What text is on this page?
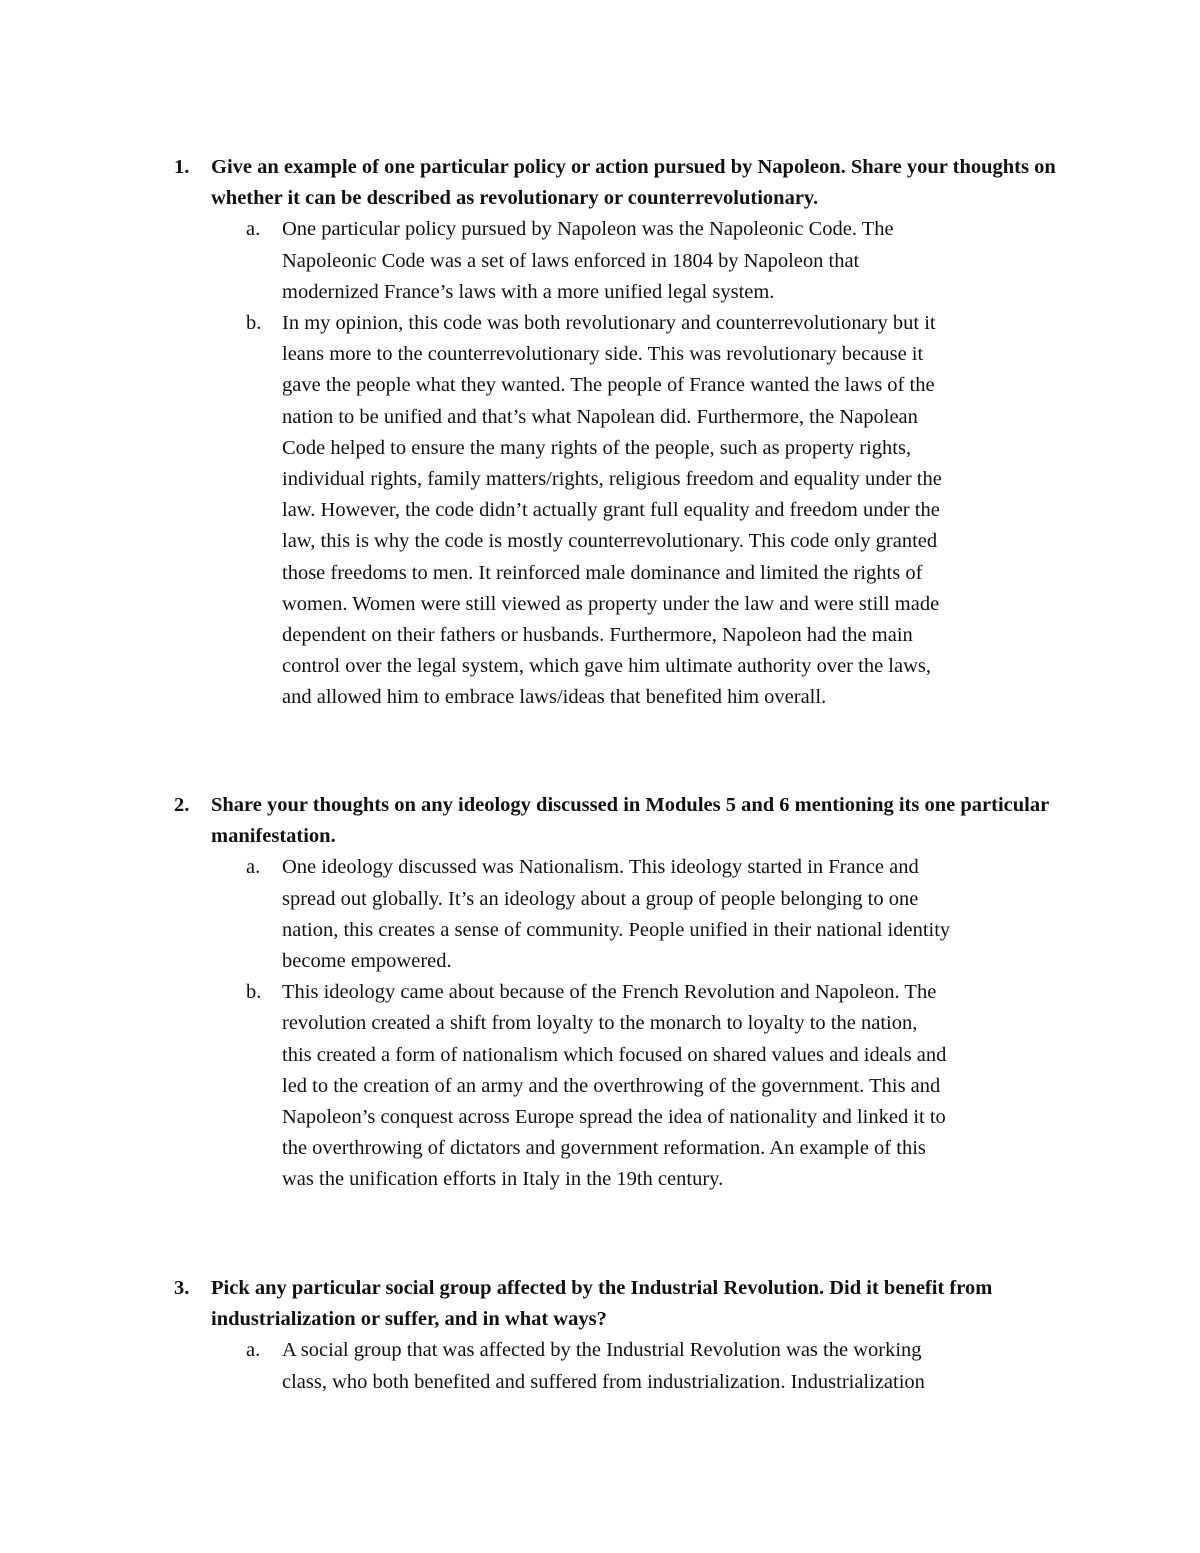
1. Give an example of one particular policy or action pursued by Napoleon. Share your thoughts on whether it can be described as revolutionary or counterrevolutionary.
a. One particular policy pursued by Napoleon was the Napoleonic Code. The Napoleonic Code was a set of laws enforced in 1804 by Napoleon that modernized France’s laws with a more unified legal system.
b. In my opinion, this code was both revolutionary and counterrevolutionary but it leans more to the counterrevolutionary side. This was revolutionary because it gave the people what they wanted. The people of France wanted the laws of the nation to be unified and that’s what Napolean did. Furthermore, the Napolean Code helped to ensure the many rights of the people, such as property rights, individual rights, family matters/rights, religious freedom and equality under the law. However, the code didn’t actually grant full equality and freedom under the law, this is why the code is mostly counterrevolutionary. This code only granted those freedoms to men. It reinforced male dominance and limited the rights of women. Women were still viewed as property under the law and were still made dependent on their fathers or husbands. Furthermore, Napoleon had the main control over the legal system, which gave him ultimate authority over the laws, and allowed him to embrace laws/ideas that benefited him overall.
2. Share your thoughts on any ideology discussed in Modules 5 and 6 mentioning its one particular manifestation.
a. One ideology discussed was Nationalism. This ideology started in France and spread out globally. It’s an ideology about a group of people belonging to one nation, this creates a sense of community. People unified in their national identity become empowered.
b. This ideology came about because of the French Revolution and Napoleon. The revolution created a shift from loyalty to the monarch to loyalty to the nation, this created a form of nationalism which focused on shared values and ideals and led to the creation of an army and the overthrowing of the government. This and Napoleon’s conquest across Europe spread the idea of nationality and linked it to the overthrowing of dictators and government reformation. An example of this was the unification efforts in Italy in the 19th century.
3. Pick any particular social group affected by the Industrial Revolution. Did it benefit from industrialization or suffer, and in what ways?
a. A social group that was affected by the Industrial Revolution was the working class, who both benefited and suffered from industrialization. Industrialization
